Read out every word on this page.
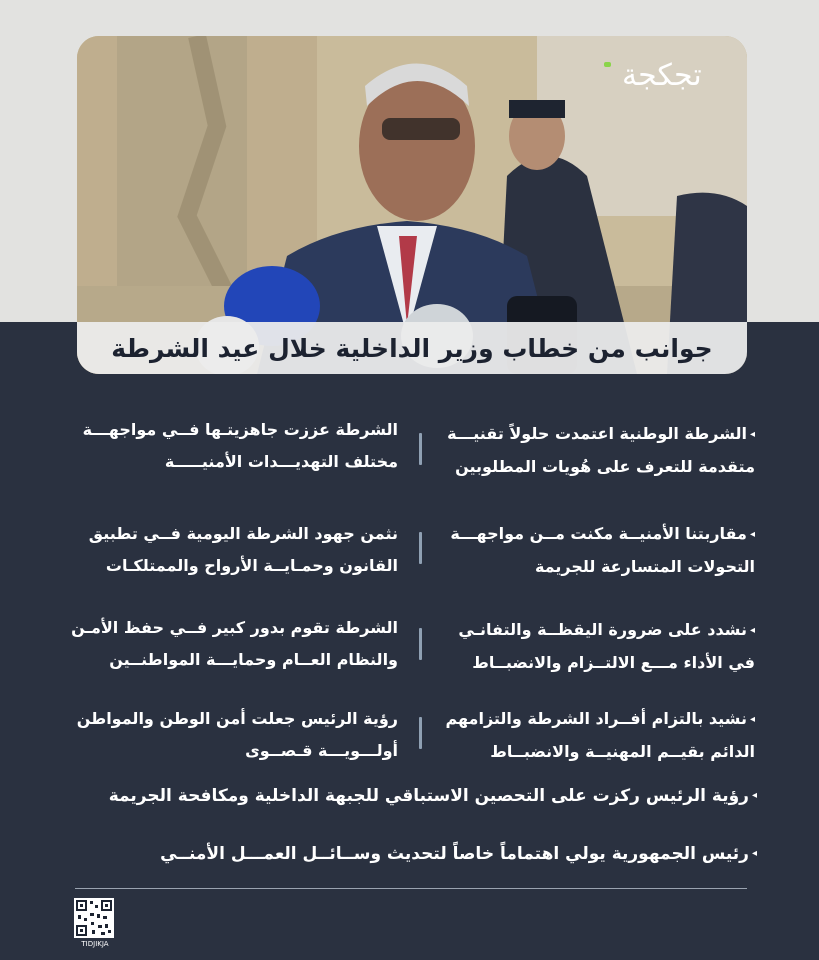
تجكجة
جوانب من خطاب وزير الداخلية خلال عيد الشرطة
◂الشرطة الوطنية اعتمدت حلولاً تقنيـــة
متقدمة للتعرف على هُويات المطلوبين
◂مقاربتنا الأمنيــة مكنت مــن مواجهـــة
التحولات المتسارعة للجريمة
◂نشدد على ضرورة اليقظــة والتفانـي
في الأداء مـــع الالتــزام والانضبــاط
◂نشيد بالتزام أفــراد الشرطة والتزامهم
الدائم بقيــم المهنيــة والانضبــاط
الشرطة عززت جاهزيتـها فــي مواجهـــة
مختلف التهديـــدات الأمنيـــــة
نثمن جهود الشرطة اليومية فــي تطبيق
القانون وحمـايــة الأرواح والممتلكـات
الشرطة تقوم بدور كبير فــي حفظ الأمـن
والنظام العــام وحمايـــة المواطنــين
رؤية الرئيس جعلت أمن الوطن والمواطن
أولـــويـــة قـصــوى
◂رؤية الرئيس ركزت على التحصين الاستباقي للجبهة الداخلية ومكافحة الجريمة
◂رئيس الجمهورية يولي اهتماماً خاصاً لتحديث وســائــل العمـــل الأمنــي
TIDJIKJA
